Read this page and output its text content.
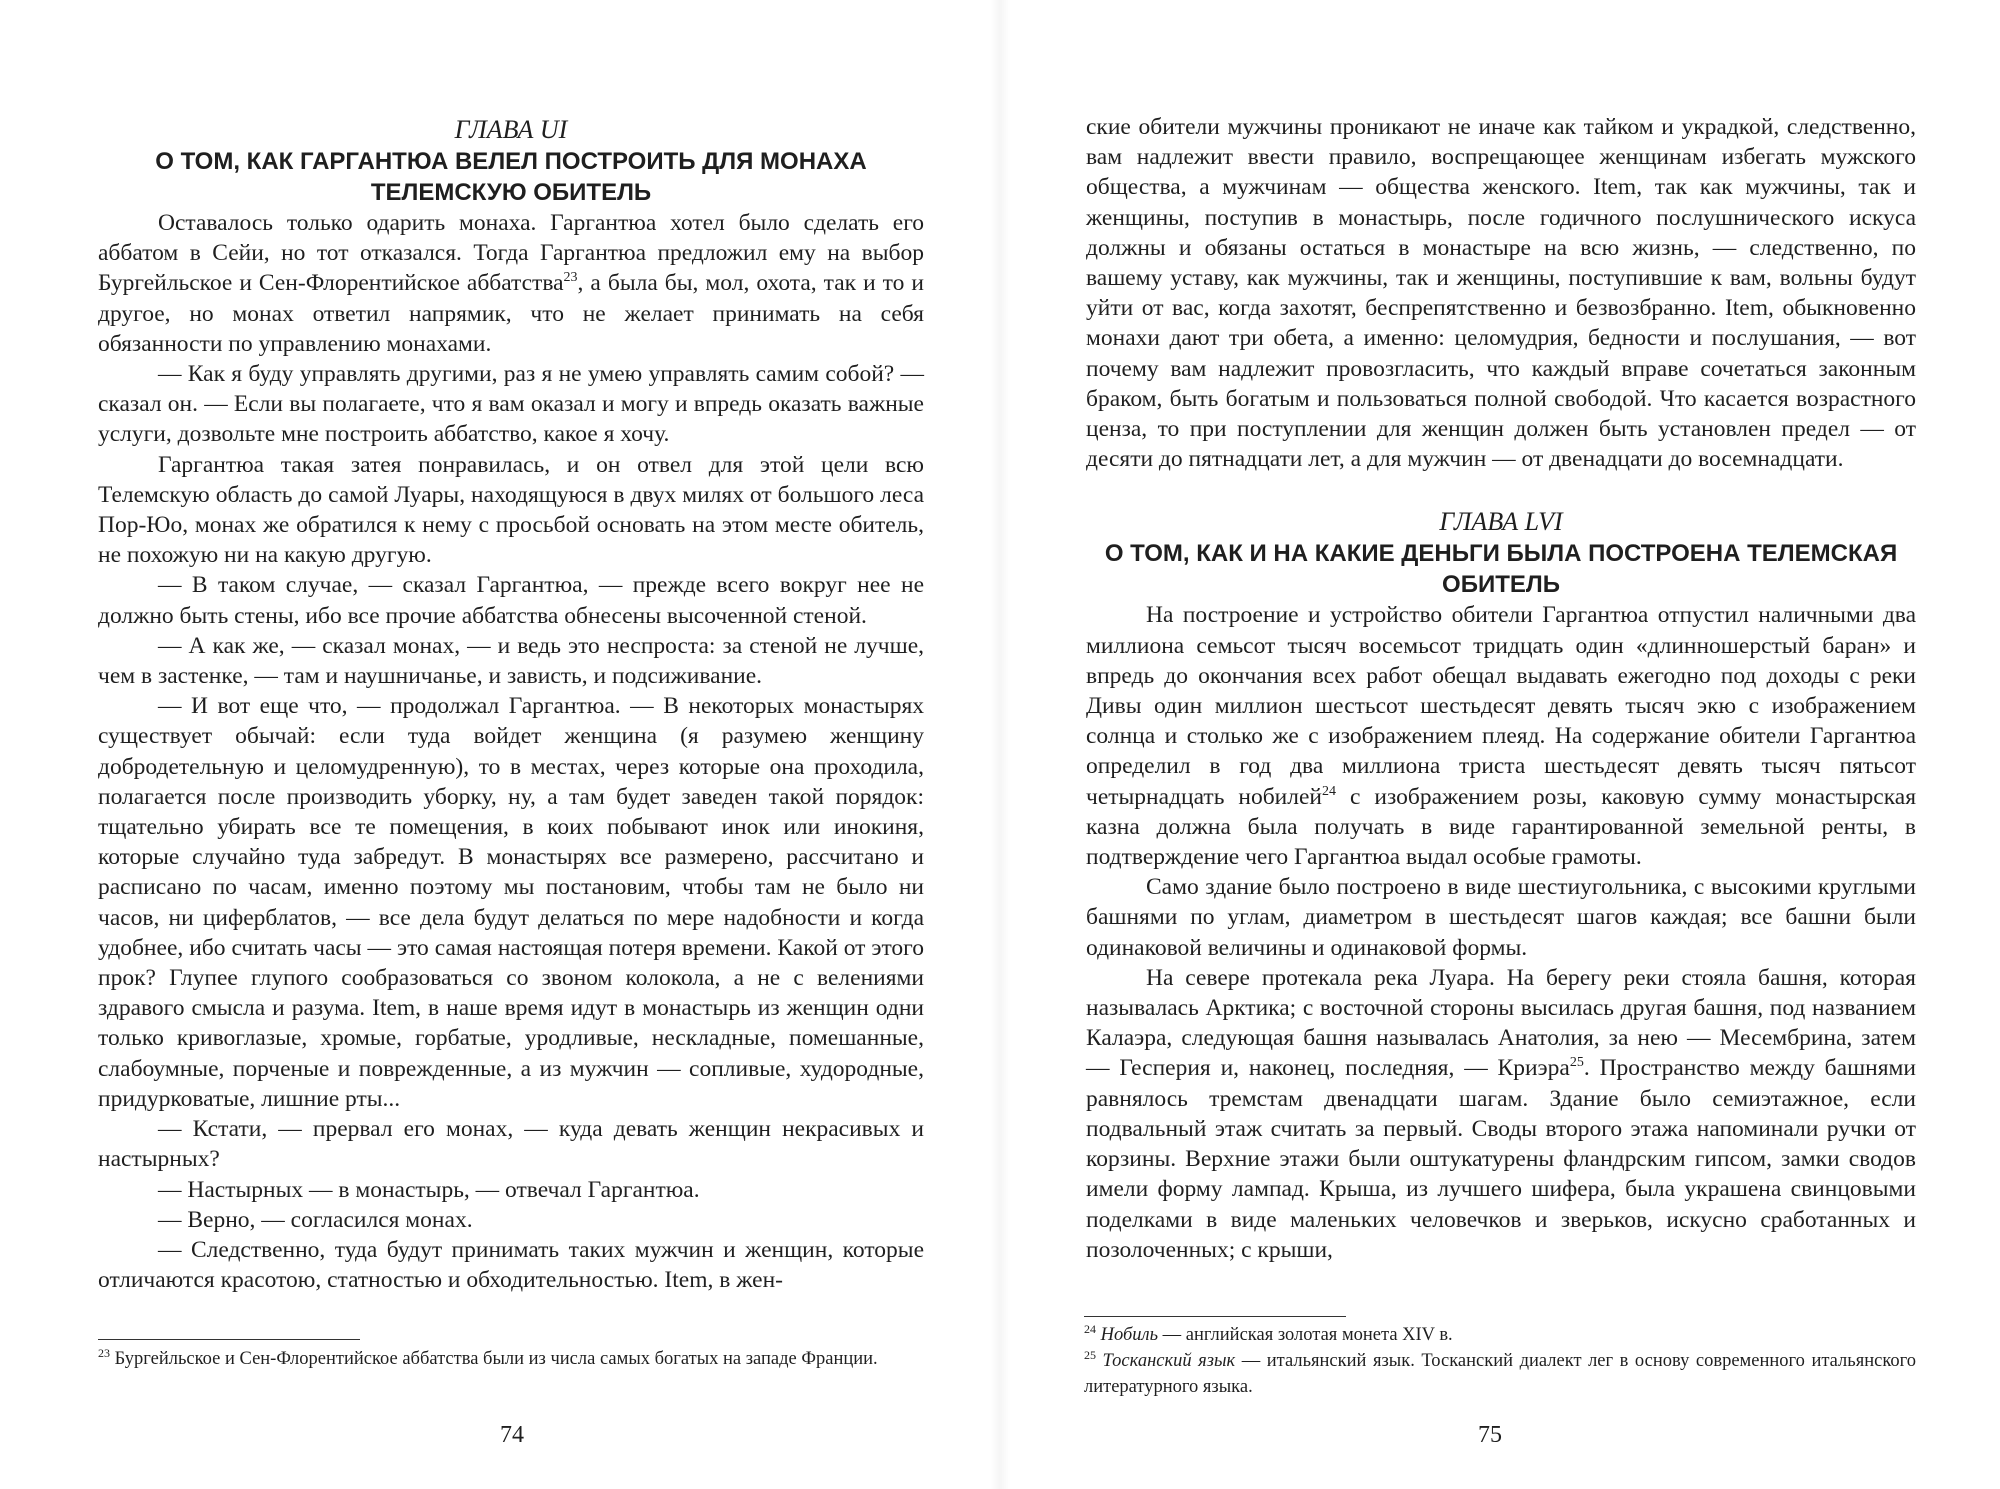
ГЛАВА UI

О ТОМ, КАК ГАРГАНТЮА ВЕЛЕЛ ПОСТРОИТЬ ДЛЯ МОНАХА ТЕЛЕМСКУЮ ОБИТЕЛЬ

Оставалось только одарить монаха. Гаргантюа хотел было сделать его аббатом в Сейи, но тот отказался. Тогда Гаргантюа предложил ему на выбор Бургейльское и Сен-Флорентийское аббатства$^{23}$, а была бы, мол, охота, так и то и другое, но монах ответил напрямик, что не желает принимать на себя обязанности по управлению монахами.

— Как я буду управлять другими, раз я не умею управлять самим собой? — сказал он. — Если вы полагаете, что я вам оказал и могу и впредь оказать важные услуги, дозвольте мне построить аббатство, какое я хочу.

Гаргантюа такая затея понравилась, и он отвел для этой цели всю Телемскую область до самой Луары, находящуюся в двух милях от большого леса Пор-Юо, монах же обратился к нему с просьбой основать на этом месте обитель, не похожую ни на какую другую.

— В таком случае, — сказал Гаргантюа, — прежде всего вокруг нее не должно быть стены, ибо все прочие аббатства обнесены высоченной стеной.

— А как же, — сказал монах, — и ведь это неспроста: за стеной не лучше, чем в застенке, — там и наушничанье, и зависть, и подсиживание.

— И вот еще что, — продолжал Гаргантюа. — В некоторых монастырях существует обычай: если туда войдет женщина (я разумею женщину добродетельную и целомудренную), то в местах, через которые она проходила, полагается после производить уборку, ну, а там будет заведен такой порядок: тщательно убирать все те помещения, в коих побывают инок или инокиня, которые случайно туда забредут. В монастырях все размерено, рассчитано и расписано по часам, именно поэтому мы постановим, чтобы там не было ни часов, ни циферблатов, — все дела будут делаться по мере надобности и когда удобнее, ибо считать часы — это самая настоящая потеря времени. Какой от этого прок? Глупее глупого сообразоваться со звоном колокола, а не с велениями здравого смысла и разума. Item, в наше время идут в монастырь из женщин одни только кривоглазые, хромые, горбатые, уродливые, нескладные, помешанные, слабоумные, порченые и поврежденные, а из мужчин — сопливые, худородные, придурковатые, лишние рты...

— Кстати, — прервал его монах, — куда девать женщин некрасивых и настырных?

— Настырных — в монастырь, — отвечал Гаргантюа.

— Верно, — согласился монах.

— Следственно, туда будут принимать таких мужчин и женщин, которые отличаются красотою, статностью и обходительностью. Item, в жен-

$^{23}$ Бургейльское и Сен-Флорентийское аббатства были из числа самых богатых на западе Франции.

74

ские обители мужчины проникают не иначе как тайком и украдкой, следственно, вам надлежит ввести правило, воспрещающее женщинам избегать мужского общества, а мужчинам — общества женского. Item, так как мужчины, так и женщины, поступив в монастырь, после годичного послушнического искуса должны и обязаны остаться в монастыре на всю жизнь, — следственно, по вашему уставу, как мужчины, так и женщины, поступившие к вам, вольны будут уйти от вас, когда захотят, беспрепятственно и безвозбранно. Item, обыкновенно монахи дают три обета, а именно: целомудрия, бедности и послушания, — вот почему вам надлежит провозгласить, что каждый вправе сочетаться законным браком, быть богатым и пользоваться полной свободой. Что касается возрастного ценза, то при поступлении для женщин должен быть установлен предел — от десяти до пятнадцати лет, а для мужчин — от двенадцати до восемнадцати.

ГЛАВА LVI

О ТОМ, КАК И НА КАКИЕ ДЕНЬГИ БЫЛА ПОСТРОЕНА ТЕЛЕМСКАЯ ОБИТЕЛЬ

На построение и устройство обители Гаргантюа отпустил наличными два миллиона семьсот тысяч восемьсот тридцать один «длинношерстый баран» и впредь до окончания всех работ обещал выдавать ежегодно под доходы с реки Дивы один миллион шестьсот шестьдесят девять тысяч экю с изображением солнца и столько же с изображением плеяд. На содержание обители Гаргантюа определил в год два миллиона триста шестьдесят девять тысяч пятьсот четырнадцать нобилей$^{24}$ с изображением розы, каковую сумму монастырская казна должна была получать в виде гарантированной земельной ренты, в подтверждение чего Гаргантюа выдал особые грамоты.

Само здание было построено в виде шестиугольника, с высокими круглыми башнями по углам, диаметром в шестьдесят шагов каждая; все башни были одинаковой величины и одинаковой формы.

На севере протекала река Луара. На берегу реки стояла башня, которая называлась Арктика; с восточной стороны высилась другая башня, под названием Калаэра, следующая башня называлась Анатолия, за нею — Месембрина, затем — Гесперия и, наконец, последняя, — Криэра$^{25}$. Пространство между башнями равнялось тремстам двенадцати шагам. Здание было семиэтажное, если подвальный этаж считать за первый. Своды второго этажа напоминали ручки от корзины. Верхние этажи были оштукатурены фландрским гипсом, замки сводов имели форму лампад. Крыша, из лучшего шифера, была украшена свинцовыми поделками в виде маленьких человечков и зверьков, искусно сработанных и позолоченных; с крыши,

$^{24}$ Нобиль — английская золотая монета XIV в.

$^{25}$ Тосканский язык — итальянский язык. Тосканский диалект лег в основу современного итальянского литературного языка.

75
